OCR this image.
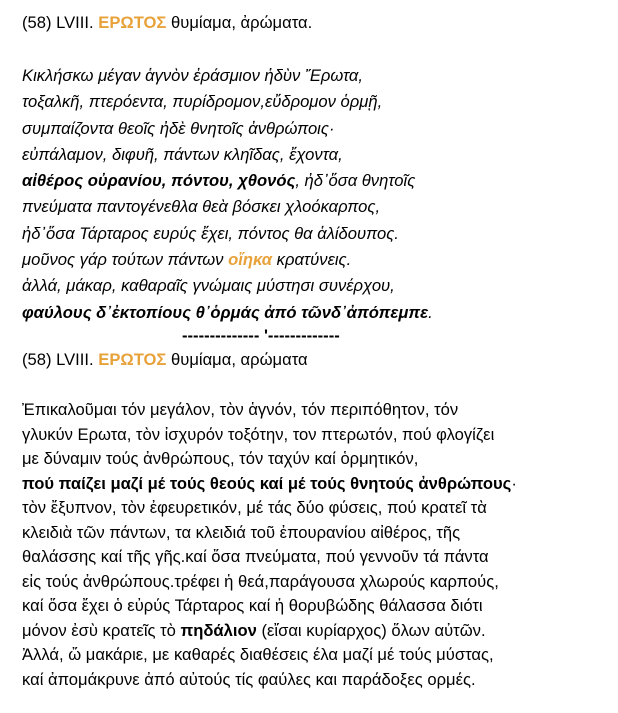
(58) LVIII. ΕΡΩΤΟΣ θυμίαμα, ἀρώματα.
Κικλήσκω μέγαν ἁγνὸν ἐράσμιον ἡδὺν Ἔρωτα,
τοξαλκῆ, πτερόεντα, πυρίδρομον,εὔδρομον ὁρμῇ,
συμπαίζοντα θεοῖς ἠδὲ θνητοῖς ἀνθρώποις·
εὐπάλαμον, διφυῆ, πάντων κληῖδας, ἔχοντα,
αἰθέρος οὐρανίου, πόντου, χθονός, ἠδ᾽ὅσα θνητοῖς
πνεύματα παντογένεθλα θεὰ βόσκει χλοόκαρπος,
ἠδ᾽ὅσα Τάρταρος ευρύς ἔχει, πόντος θα ἁλίδουπος.
μοῦνος γάρ τούτων πάντων οἴηκα κρατύνεις.
ἀλλά, μάκαρ, καθαραῖς γνώμαις μύστησι συνέρχου,
φαύλους δ᾽ἐκτοπίους θ᾽ὁρμάς ἀπό τῶνδ᾽ἀπόπεμπε.
-------------- '-------------
(58) LVIII. ΕΡΩΤΟΣ θυμίαμα, αρώματα
Ἐπικαλοῦμαι τόν μεγάλον, τὸν ἁγνόν, τόν περιπόθητον, τόν
γλυκύν Ερωτα, τὸν ἰσχυρόν τοξότην, τον πτερωτόν, πού φλογίζει
με δύναμιν τούς ἀνθρώπους, τόν ταχύν καί ὁρμητικόν,
πού παίζει μαζί μέ τούς θεούς καί μέ τούς θνητούς ἀνθρώπους·
τὸν ἔξυπνον, τὸν ἐφευρετικόν, μέ τάς δύο φύσεις, πού κρατεῖ τὰ
κλειδιὰ τῶν πάντων, τα κλειδιά τοῦ ἐπουρανίου αἰθέρος, τῆς
θαλάσσης καί τῆς γῆς.καί ὅσα πνεύματα, πού γεννοῦν τά πάντα
εἰς τούς ἀνθρώπους.τρέφει ἡ θεά,παράγουσα χλωρούς καρπούς,
καί ὅσα ἔχει ὁ εὐρύς Τάρταρος καί ἡ θορυβώδης θάλασσα διότι
μόνον ἐσὺ κρατεῖς τὸ πηδάλιον (εἴσαι κυρίαρχος) ὅλων αὐτῶν.
Ἀλλά, ὤ μακάριε, με καθαρές διαθέσεις έλα μαζί μέ τούς μύστας,
καί ἀπομάκρυνε ἀπό αὐτούς τίς φαύλες και παράδοξες ορμές.
